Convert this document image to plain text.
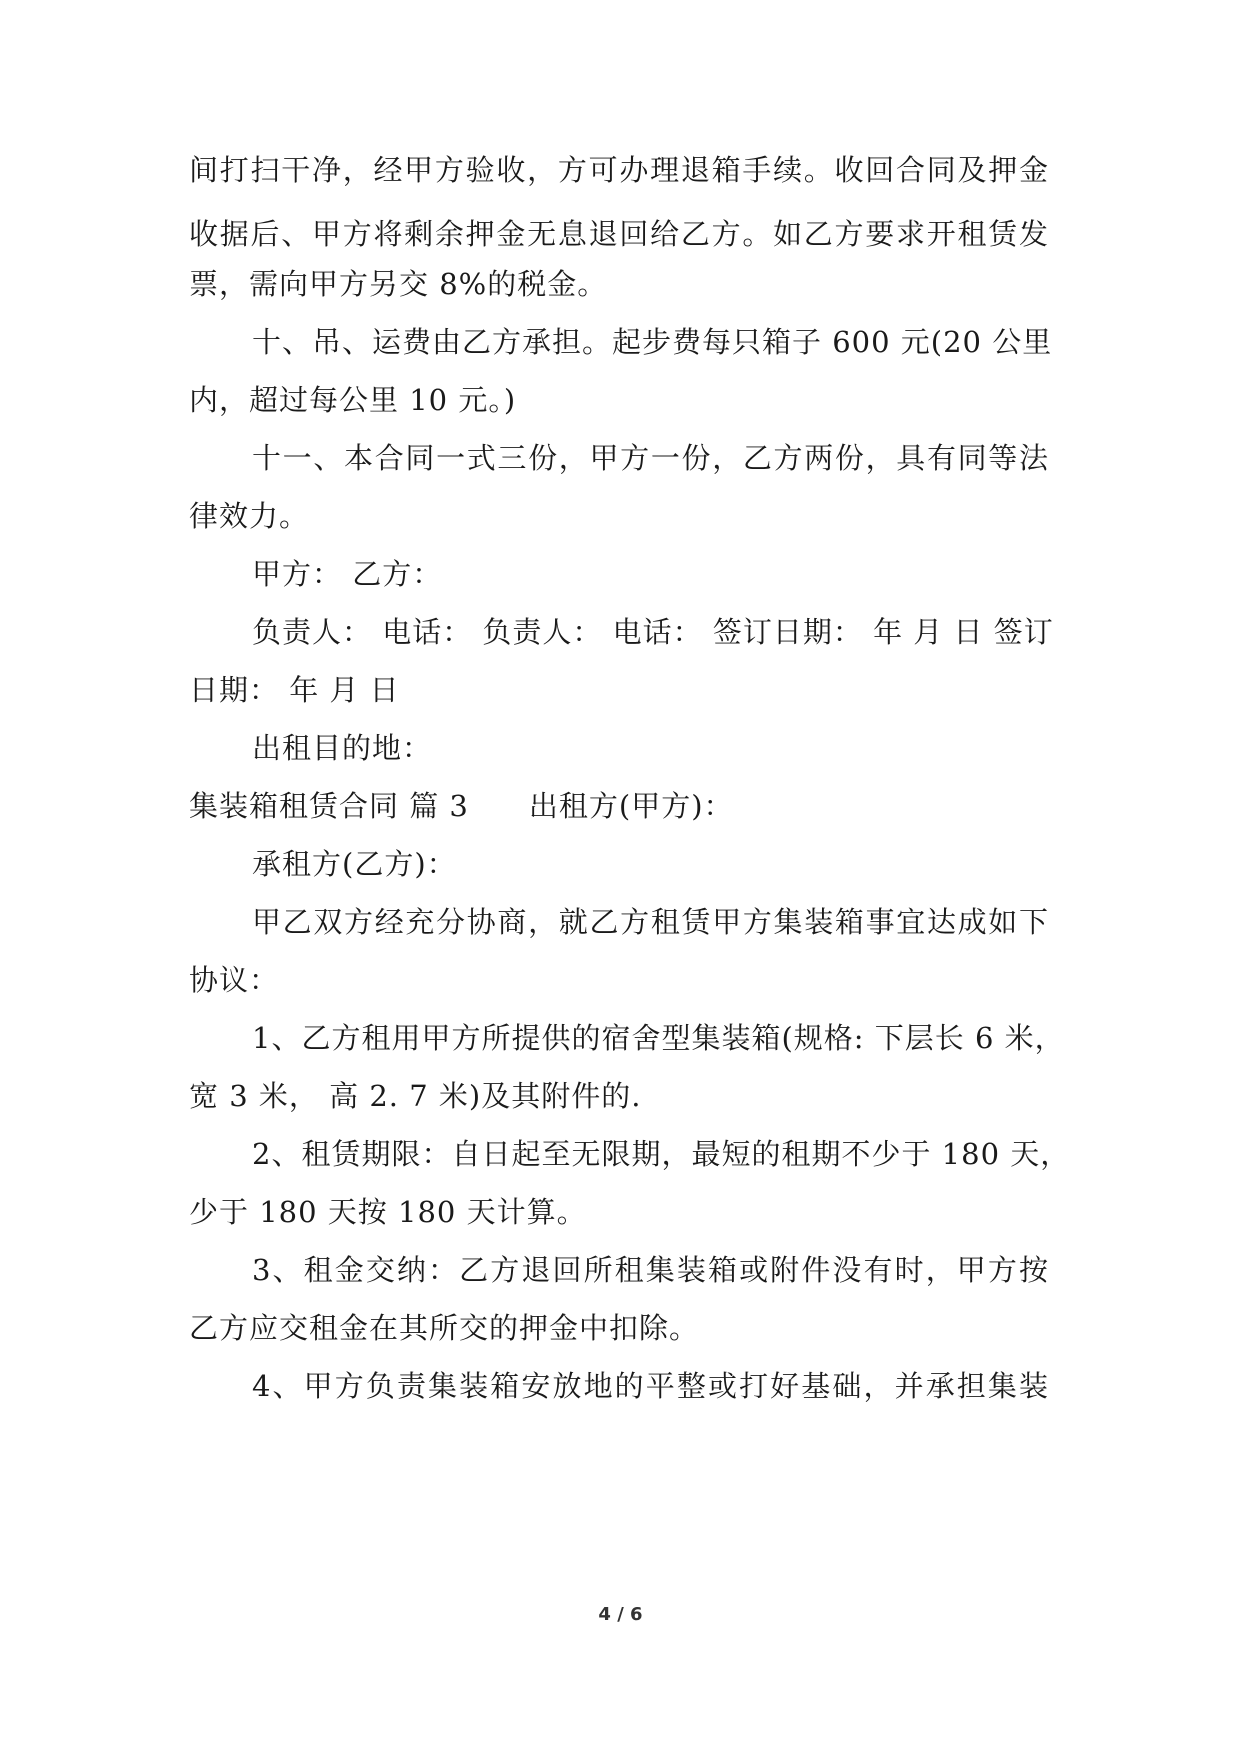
间打扫干净，经甲方验收，方可办理退箱手续。收回合同及押金
收据后、甲方将剩余押金无息退回给乙方。如乙方要求开租赁发
票，需向甲方另交 8%的税金。
十、吊、运费由乙方承担。起步费每只箱子 600 元(20 公里
内，超过每公里 10 元。)
十一、本合同一式三份，甲方一份，乙方两份，具有同等法
律效力。
甲方： 乙方：
负责人： 电话： 负责人： 电话： 签订日期： 年 月 日 签订
日期： 年 月 日
出租目的地：
集装箱租赁合同 篇 3 出租方(甲方)：
承租方(乙方)：
甲乙双方经充分协商，就乙方租赁甲方集装箱事宜达成如下
协议：
1、乙方租用甲方所提供的宿舍型集装箱(规格: 下层长 6 米，
宽 3 米， 高 2. 7 米)及其附件的.
2、租赁期限：自日起至无限期，最短的租期不少于 180 天，
少于 180 天按 180 天计算。
3、租金交纳：乙方退回所租集装箱或附件没有时，甲方按
乙方应交租金在其所交的押金中扣除。
4、甲方负责集装箱安放地的平整或打好基础，并承担集装
4 / 6
